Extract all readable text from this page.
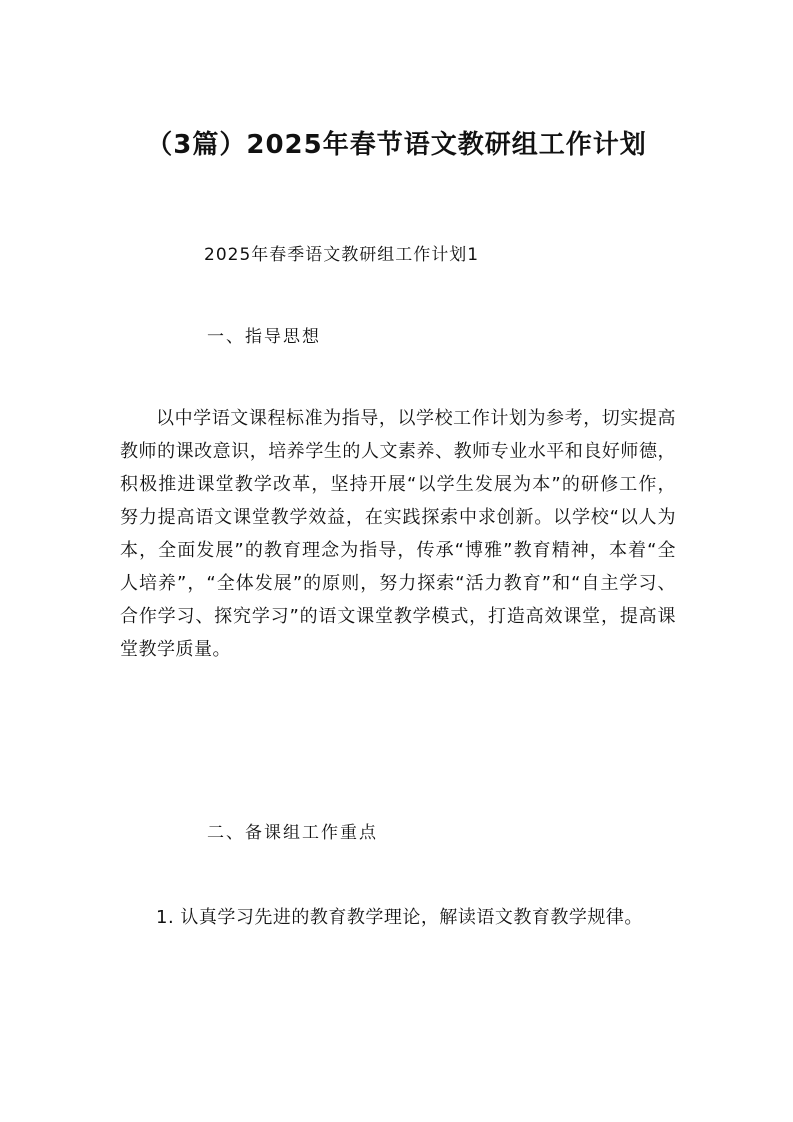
（3篇）2025年春节语文教研组工作计划
2025年春季语文教研组工作计划1
一、指导思想
以中学语文课程标准为指导，以学校工作计划为参考，切实提高教师的课改意识，培养学生的人文素养、教师专业水平和良好师德，积极推进课堂教学改革，坚持开展“以学生发展为本”的研修工作，努力提高语文课堂教学效益，在实践探索中求创新。以学校“以人为本，全面发展”的教育理念为指导，传承“博雅”教育精神，本着“全人培养”，“全体发展”的原则，努力探索“活力教育”和“自主学习、合作学习、探究学习”的语文课堂教学模式，打造高效课堂，提高课堂教学质量。
二、备课组工作重点
1. 认真学习先进的教育教学理论，解读语文教育教学规律。
